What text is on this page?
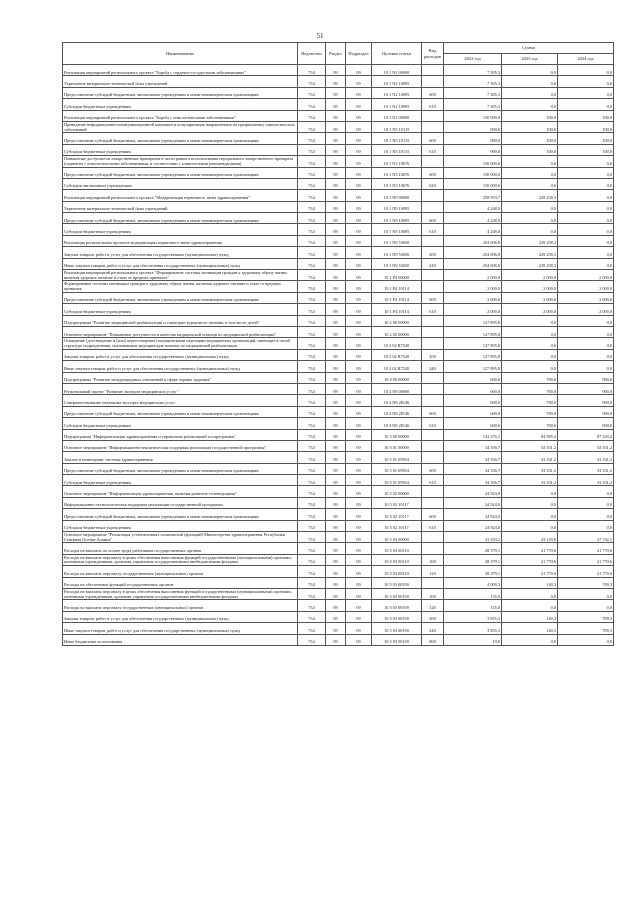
51
Наименование	Ведомство	Раздел	Подраздел	Целевая статья	Вид расходов	Сумма		
						2022 год	2023 год	2024 год
Реализация мероприятий регионального проекта "Борьба с сердечно-сосудистыми заболеваниями"	734	09	09	10 1 N2 00000		7 305,3	0,0	0,0
Укрепление материально-технической базы учреждений	734	09	09	10 1 N2 10095		7 305,3	0,0	0,0
Предоставление субсидий бюджетным, автономным учреждениям и иным некоммерческим организациям	734	09	09	10 1 N2 10095	600	7 305,3	0,0	0,0
Субсидии бюджетным учреждениям	734	09	09	10 1 N2 10095	610	7 305,3	0,0	0,0
Реализация мероприятий регионального проекта "Борьба с онкологическими заболеваниями"	734	09	09	10 1 N3 00000		150 900,0	100,0	100,0
Проведение информационно-коммуникационной кампании и популяризация направленных на профилактику онкологических заболеваний	734	09	09	10 1 N3 10115		900,0	100,0	100,0
Предоставление субсидий бюджетным, автономным учреждениям и иным некоммерческим организациям	734	09	09	10 1 N3 10115	600	900,0	100,0	100,0
Субсидии бюджетным учреждениям	734	09	09	10 1 N3 10115	610	900,0	100,0	100,0
Повышение доступности лекарственных препаратов в части раннего использования перорального лекарственного препарата (пациенты с онкологическими заболеваниями, в соответствии с клиническими рекомендациями)	734	09	09	10 1 N3 10676		150 000,0	0,0	0,0
Предоставление субсидий бюджетным, автономным учреждениям и иным некоммерческим организациям	734	09	09	10 1 N3 10676	600	150 000,0	0,0	0,0
Субсидии автономным учреждениям	734	09	09	10 1 N3 10676	620	150 000,0	0,0	0,0
Реализация мероприятий регионального проекта "Модернизация первичного звена здравоохранения"	734	09	09	10 1 N9 00000		258 953,7	229 258,3	0,0
Укрепление материально-технической базы учреждений	734	09	09	10 1 N9 10095		4 248,0	0,0	0,0
Предоставление субсидий бюджетным, автономным учреждениям и иным некоммерческим организациям	734	09	09	10 1 N9 10095	600	4 248,0	0,0	0,0
Субсидии бюджетным учреждениям	734	09	09	10 1 N9 10095	610	4 248,0	0,0	0,0
Реализация региональных проектов модернизации первичного звена здравоохранения	734	09	09	10 1 N9 53650		254 696,8	229 258,3	0,0
Закупка товаров, работ и услуг для обеспечения государственных (муниципальных) нужд	734	09	09	10 1 N9 53650	200	254 696,8	229 258,3	0,0
Иные закупки товаров, работ и услуг для обеспечения государственных (муниципальных) нужд	734	09	09	10 1 N9 53650	240	254 696,8	229 258,3	0,0
Реализация мероприятий регионального проекта "Формирование системы мотивации граждан к здоровому образу жизни, включая здоровое питание и отказ от вредных привычек"	734	09	09	10 1 P4 00000		2 000,0	2 000,0	2 000,0
Формирование системы мотивации граждан к здоровому образу жизни, включая здоровое питание и отказ от вредных привычек	734	09	09	10 1 P4 10114		2 000,0	2 000,0	2 000,0
Предоставление субсидий бюджетным, автономным учреждениям и иным некоммерческим организациям	734	09	09	10 1 P4 10114	600	2 000,0	2 000,0	2 000,0
Субсидии бюджетным учреждениям	734	09	09	10 1 P4 10114	610	2 000,0	2 000,0	2 000,0
Подпрограмма "Развитие медицинской реабилитации и санаторно-курортного лечения, в том числе детей"	734	09	09	10 2 00 00000		127 895,8	0,0	0,0
Основное мероприятие "Повышение доступности и качества медицинской помощи по медицинской реабилитации"	734	09	09	10 2 02 00000		127 895,8	0,0	0,0
Оснащение (дооснащение и (или) переоснащение) медицинскими изделиями медицинских организаций, имеющих в своей структуре подразделения, оказывающие медицинскую помощь по медицинской реабилитации	734	09	09	10 2 02 R7520		127 895,8	0,0	0,0
Закупка товаров, работ и услуг для обеспечения государственных (муниципальных) нужд	734	09	09	10 2 02 R7520	200	127 895,8	0,0	0,0
Иные закупки товаров, работ и услуг для обеспечения государственных (муниципальных) нужд	734	09	09	10 2 02 R7520	240	127 895,8	0,0	0,0
Подпрограмма "Развитие международных отношений в сфере охраны здоровья"	734	09	09	10 4 00 00000		600,0	700,0	900,0
Региональный проект "Развитие экспорта медицинских услуг"	734	09	09	10 4 N8 00000		600,0	700,0	900,0
Совершенствование механизма экспорта медицинских услуг	734	09	09	10 4 N8 28146		600,0	700,0	900,0
Предоставление субсидий бюджетным, автономным учреждениям и иным некоммерческим организациям	734	09	09	10 4 N8 28146	600	600,0	700,0	900,0
Субсидии бюджетным учреждениям	734	09	09	10 4 N8 28146	610	600,0	700,0	900,0
Подпрограмма "Информатизация здравоохранения и управление реализацией госпрограммы"	734	09	09	10 5 00 00000		132 276,1	84 985,4	87 529,2
Основное мероприятие "Информационно-аналитическая поддержка реализации государственной программы"	734	09	09	10 5 01 00000		34 356,7	33 331,2	33 331,2
Анализ и мониторинг системы здравоохранения	734	09	09	10 5 01 05904		34 356,7	33 331,2	33 331,2
Предоставление субсидий бюджетным, автономным учреждениям и иным некоммерческим организациям	734	09	09	10 5 01 05904	600	34 356,7	33 331,2	33 331,2
Субсидии бюджетным учреждениям	734	09	09	10 5 01 05904	610	34 356,7	33 331,2	33 331,2
Основное мероприятие "Информатизация здравоохранения, включая развитие телемедицины"	734	09	09	10 5 02 00000		24 924,0	0,0	0,0
Информационно-технологическая поддержка реализации государственной программы	734	09	09	10 5 02 10117		24 924,0	0,0	0,0
Предоставление субсидий бюджетным, автономным учреждениям и иным некоммерческим организациям	734	09	09	10 5 02 10117	600	24 924,0	0,0	0,0
Субсидии бюджетным учреждениям	734	09	09	10 5 02 10117	610	24 924,0	0,0	0,0
Основное мероприятие "Реализация установленных полномочий (функций) Министерства здравоохранения Республики Северная Осетия-Алания"	734	09	09	10 5 03 00000		33 333,2	23 129,0	27 742,1
Расходы на выплаты по оплате труда работников государственных органов	734	09	09	10 5 03 00110		28 379,1	21 770,6	21 770,6
Расходы на выплаты персоналу в целях обеспечения выполнения функций государственными (муниципальными) органами, казенными учреждениями, органами управления государственными внебюджетными фондами	734	09	09	10 5 03 00110	100	28 379,1	21 770,6	21 770,6
Расходы на выплаты персоналу государственных (муниципальных) органов	734	09	09	10 5 03 00110	120	28 379,1	21 770,6	21 770,6
Расходы на обеспечение функций государственных органов	734	09	09	10 5 03 00190		4 009,3	140,3	709,3
Расходы на выплаты персоналу в целях обеспечения выполнения функций государственными (муниципальными) органами, казенными учреждениями, органами управления государственными внебюджетными фондами	734	09	09	10 5 03 00190	100	135,0	0,0	0,0
Расходы на выплаты персоналу государственных (муниципальных) органов	734	09	09	10 5 03 00190	120	135,0	0,0	0,0
Закупка товаров, работ и услуг для обеспечения государственных (муниципальных) нужд	734	09	09	10 5 03 00190	200	3 855,3	140,3	709,3
Иные закупки товаров, работ и услуг для обеспечения государственных (муниципальных) нужд	734	09	09	10 5 03 00190	240	3 855,3	140,3	709,3
Иные бюджетные ассигнования	734	09	09	10 5 03 00190	800	19,0	0,0	0,0
